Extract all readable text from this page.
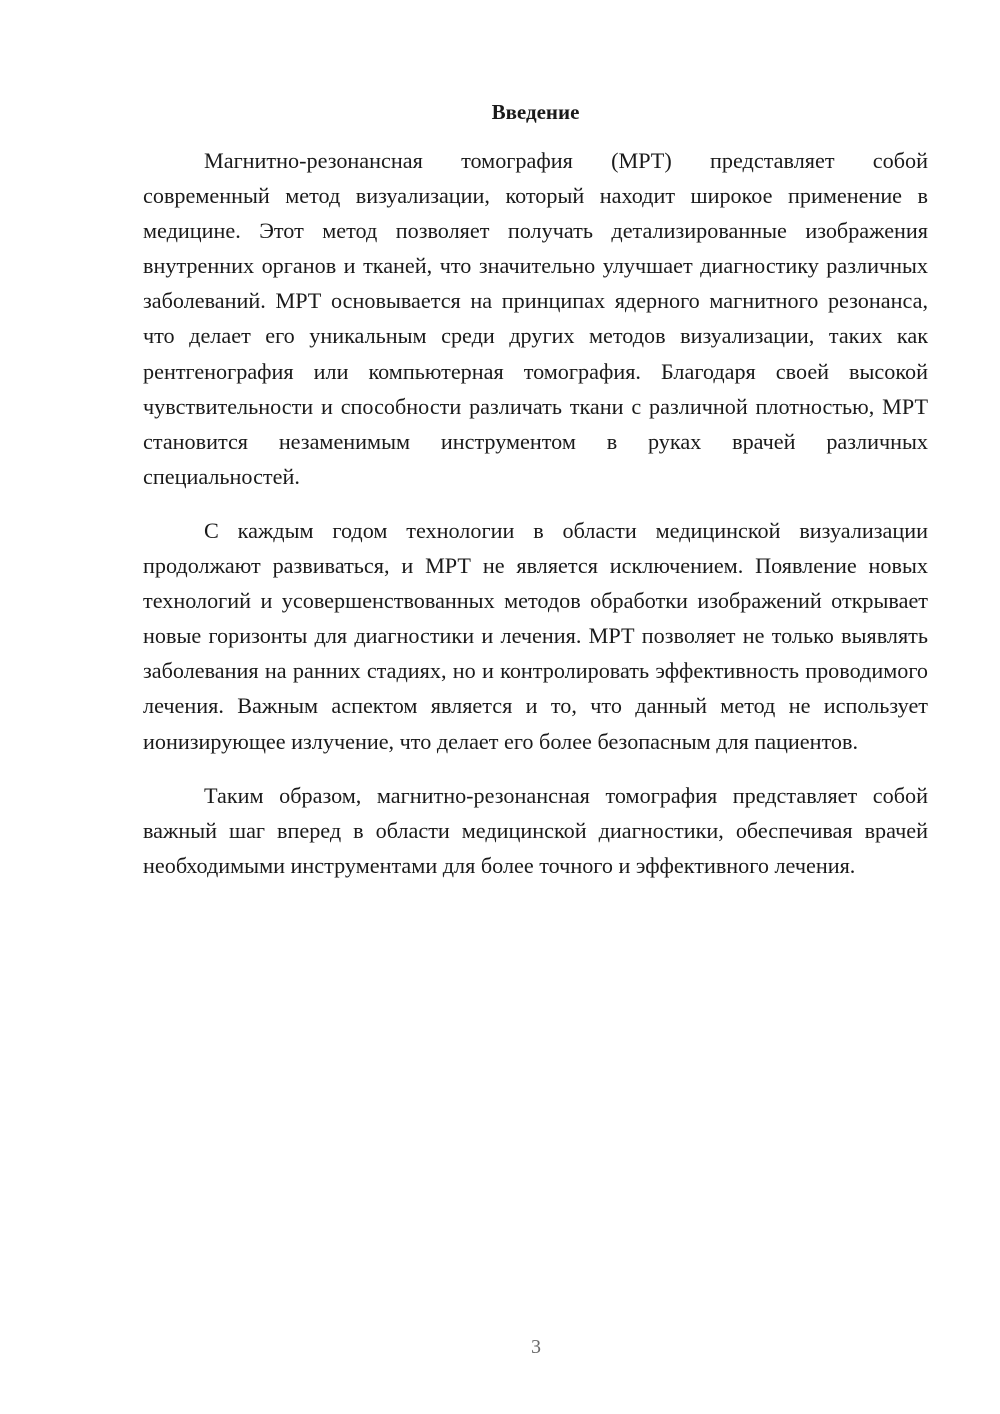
Введение

Магнитно-резонансная томография (МРТ) представляет собой современный метод визуализации, который находит широкое применение в медицине. Этот метод позволяет получать детализированные изображения внутренних органов и тканей, что значительно улучшает диагностику различных заболеваний. МРТ основывается на принципах ядерного магнитного резонанса, что делает его уникальным среди других методов визуализации, таких как рентгенография или компьютерная томография. Благодаря своей высокой чувствительности и способности различать ткани с различной плотностью, МРТ становится незаменимым инструментом в руках врачей различных специальностей.

С каждым годом технологии в области медицинской визуализации продолжают развиваться, и МРТ не является исключением. Появление новых технологий и усовершенствованных методов обработки изображений открывает новые горизонты для диагностики и лечения. МРТ позволяет не только выявлять заболевания на ранних стадиях, но и контролировать эффективность проводимого лечения. Важным аспектом является и то, что данный метод не использует ионизирующее излучение, что делает его более безопасным для пациентов.

Таким образом, магнитно-резонансная томография представляет собой важный шаг вперед в области медицинской диагностики, обеспечивая врачей необходимыми инструментами для более точного и эффективного лечения.

3
